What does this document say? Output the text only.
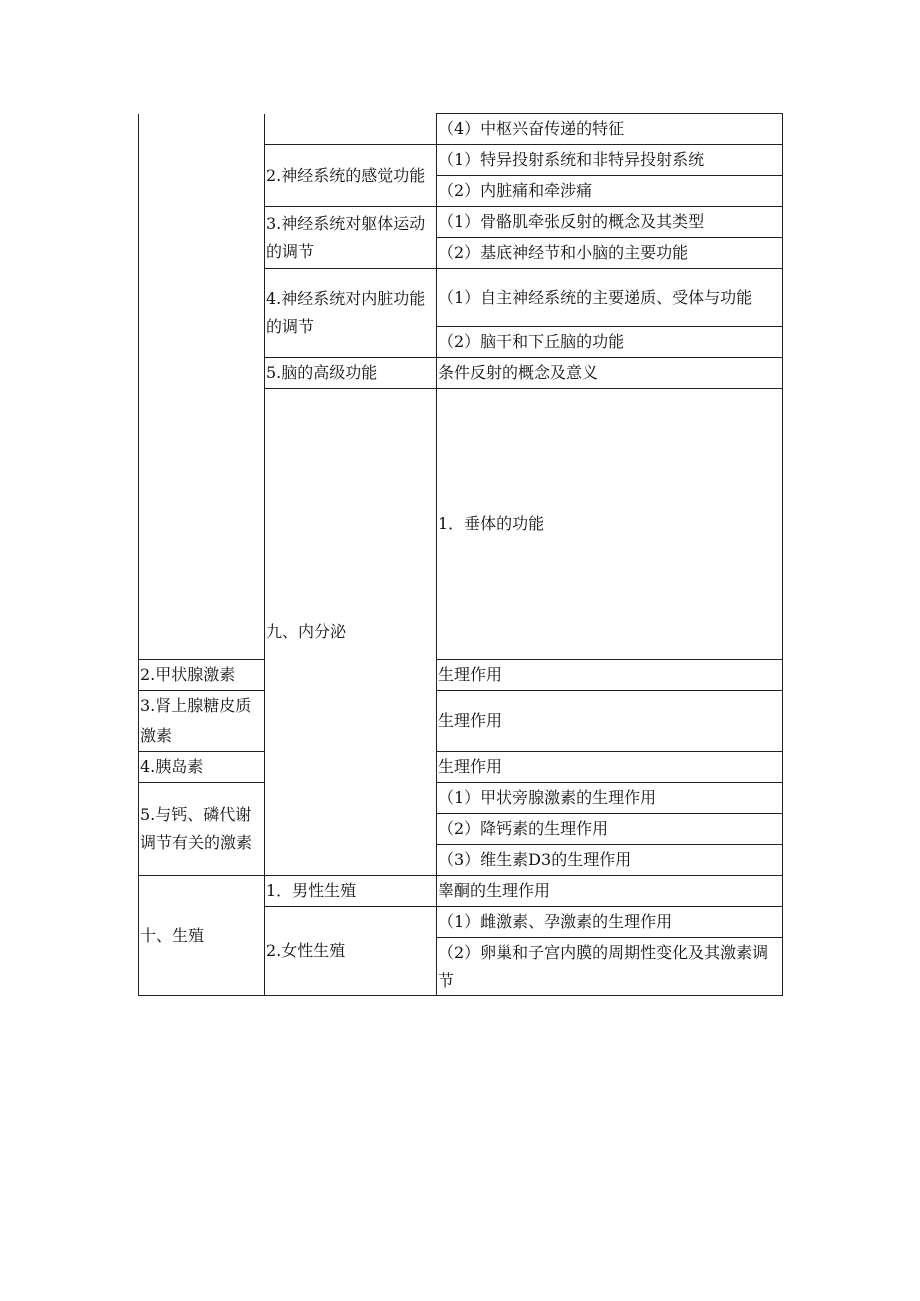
		（4）中枢兴奋传递的特征	
	2.神经系统的感觉功能	（1）特异投射系统和非特异投射系统	
		（2）内脏痛和牵涉痛	
	3.神经系统对躯体运动的调节	（1）骨骼肌牵张反射的概念及其类型	
		（2）基底神经节和小脑的主要功能	
	4.神经系统对内脏功能的调节	（1）自主神经系统的主要递质、受体与功能	
		（2）脑干和下丘脑的功能	
	5.脑的高级功能	条件反射的概念及意义	
	九、内分泌	1．垂体的功能	
2.甲状腺激素		生理作用	
3.肾上腺糖皮质激素		生理作用	
4.胰岛素		生理作用	
5.与钙、磷代谢调节有关的激素		（1）甲状旁腺激素的生理作用	
		（2）降钙素的生理作用	
		（3）维生素D3的生理作用	
十、生殖	1．男性生殖	睾酮的生理作用	
	2.女性生殖	（1）雌激素、孕激素的生理作用	
		（2）卵巢和子宫内膜的周期性变化及其激素调节	
